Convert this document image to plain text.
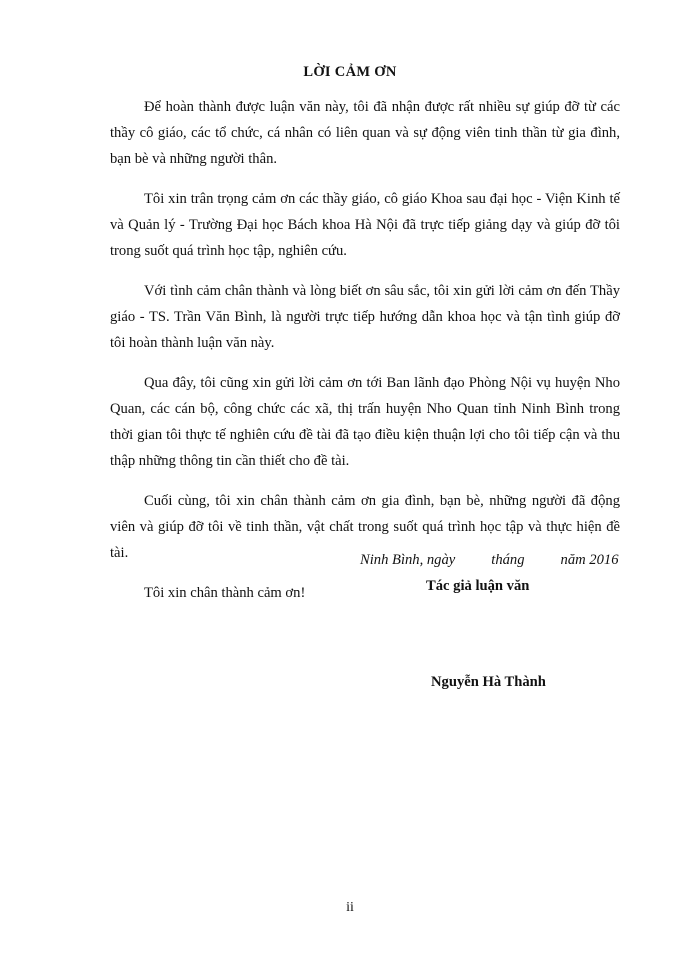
LỜI CẢM ƠN

Để hoàn thành được luận văn này, tôi đã nhận được rất nhiều sự giúp đỡ từ các thầy cô giáo, các tổ chức, cá nhân có liên quan và sự động viên tinh thần từ gia đình, bạn bè và những người thân.

Tôi xin trân trọng cảm ơn các thầy giáo, cô giáo Khoa sau đại học - Viện Kinh tế và Quản lý - Trường Đại học Bách khoa Hà Nội đã trực tiếp giảng dạy và giúp đỡ tôi trong suốt quá trình học tập, nghiên cứu.

Với tình cảm chân thành và lòng biết ơn sâu sắc, tôi xin gửi lời cảm ơn đến Thầy giáo - TS. Trần Văn Bình, là người trực tiếp hướng dẫn khoa học và tận tình giúp đỡ tôi hoàn thành luận văn này.

Qua đây, tôi cũng xin gửi lời cảm ơn tới Ban lãnh đạo Phòng Nội vụ huyện Nho Quan, các cán bộ, công chức các xã, thị trấn huyện Nho Quan tỉnh Ninh Bình trong thời gian tôi thực tế nghiên cứu đề tài đã tạo điều kiện thuận lợi cho tôi tiếp cận và thu thập những thông tin cần thiết cho đề tài.

Cuối cùng, tôi xin chân thành cảm ơn gia đình, bạn bè, những người đã động viên và giúp đỡ tôi về tinh thần, vật chất trong suốt quá trình học tập và thực hiện đề tài.

Tôi xin chân thành cảm ơn!

Ninh Bình, ngày tháng năm 2016
Tác giả luận văn
Nguyễn Hà Thành
ii
